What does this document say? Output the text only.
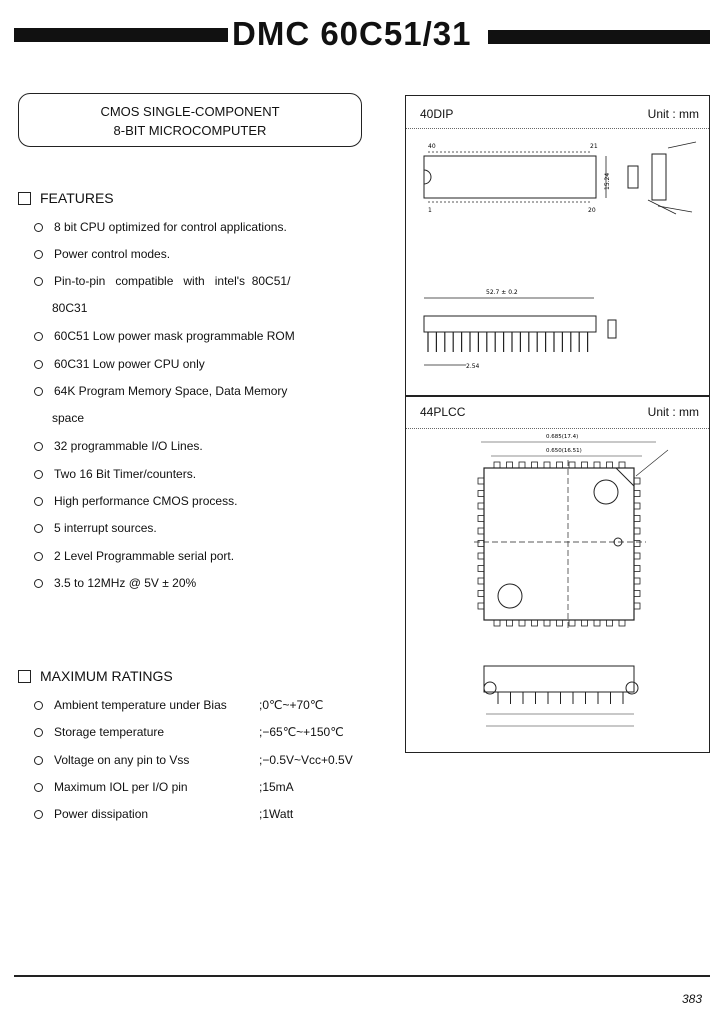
DMC 60C51/31
CMOS SINGLE-COMPONENT
8-BIT MICROCOMPUTER
FEATURES
8 bit CPU optimized for control applications.
Power control modes.
Pin-to-pin   compatible   with   intel's  80C51/
80C31
60C51 Low power mask programmable ROM
60C31 Low power CPU only
64K Program Memory Space, Data Memory
space
32 programmable I/O Lines.
Two 16 Bit Timer/counters.
High performance CMOS process.
5 interrupt sources.
2 Level Programmable serial port.
3.5 to 12MHz @ 5V ± 20%
MAXIMUM RATINGS
Ambient temperature under Bias	;0℃~+70℃
Storage temperature	;−65℃~+150℃
Voltage on any pin to Vss	;−0.5V~Vcc+0.5V
Maximum IOL per I/O pin	;15mA
Power dissipation	;1Watt
40DIP	Unit : mm
40	21
1	20
15.24
52.7 ± 0.2
2.54
44PLCC	Unit : mm
0.685(17.4)
0.650(16.51)
383
